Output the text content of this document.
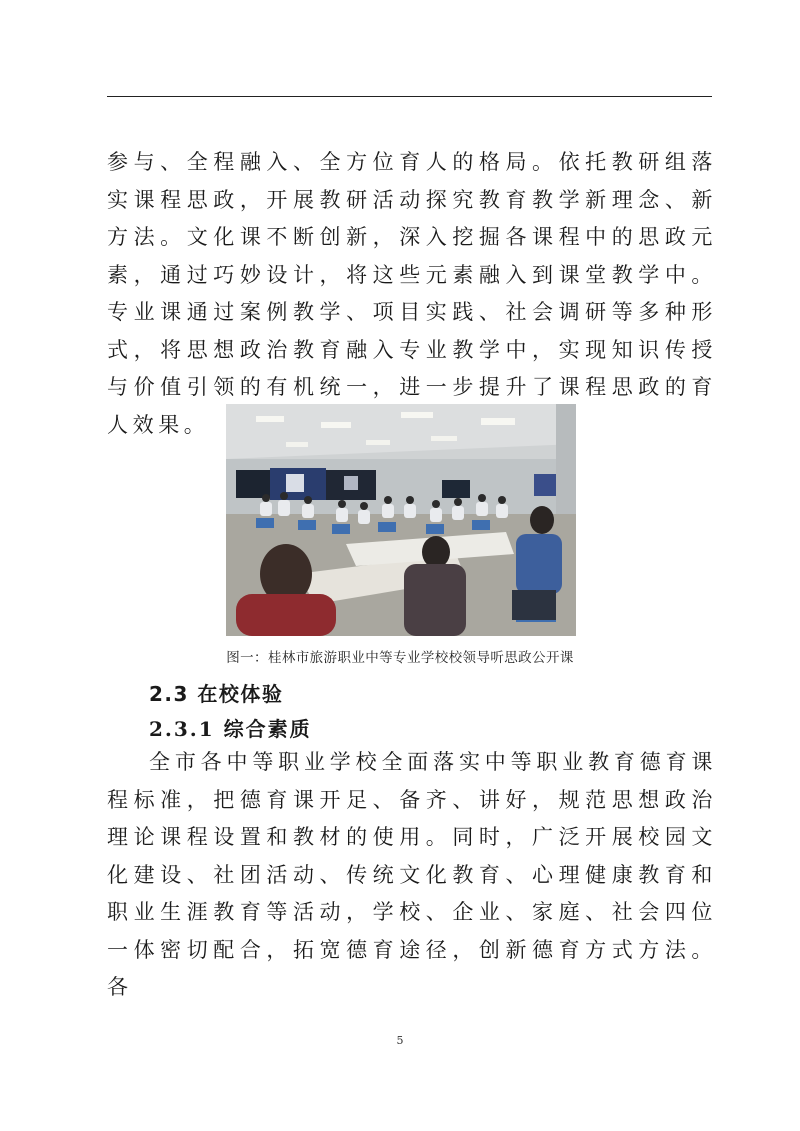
参与、全程融入、全方位育人的格局。依托教研组落实课程思政，开展教研活动探究教育教学新理念、新方法。文化课不断创新，深入挖掘各课程中的思政元素，通过巧妙设计，将这些元素融入到课堂教学中。专业课通过案例教学、项目实践、社会调研等多种形式，将思想政治教育融入专业教学中，实现知识传授与价值引领的有机统一，进一步提升了课程思政的育人效果。

图一：桂林市旅游职业中等专业学校校领导听思政公开课
2.3 在校体验
2.3.1 综合素质

全市各中等职业学校全面落实中等职业教育德育课程标准，把德育课开足、备齐、讲好，规范思想政治理论课程设置和教材的使用。同时，广泛开展校园文化建设、社团活动、传统文化教育、心理健康教育和职业生涯教育等活动，学校、企业、家庭、社会四位一体密切配合，拓宽德育途径，创新德育方式方法。各

5
